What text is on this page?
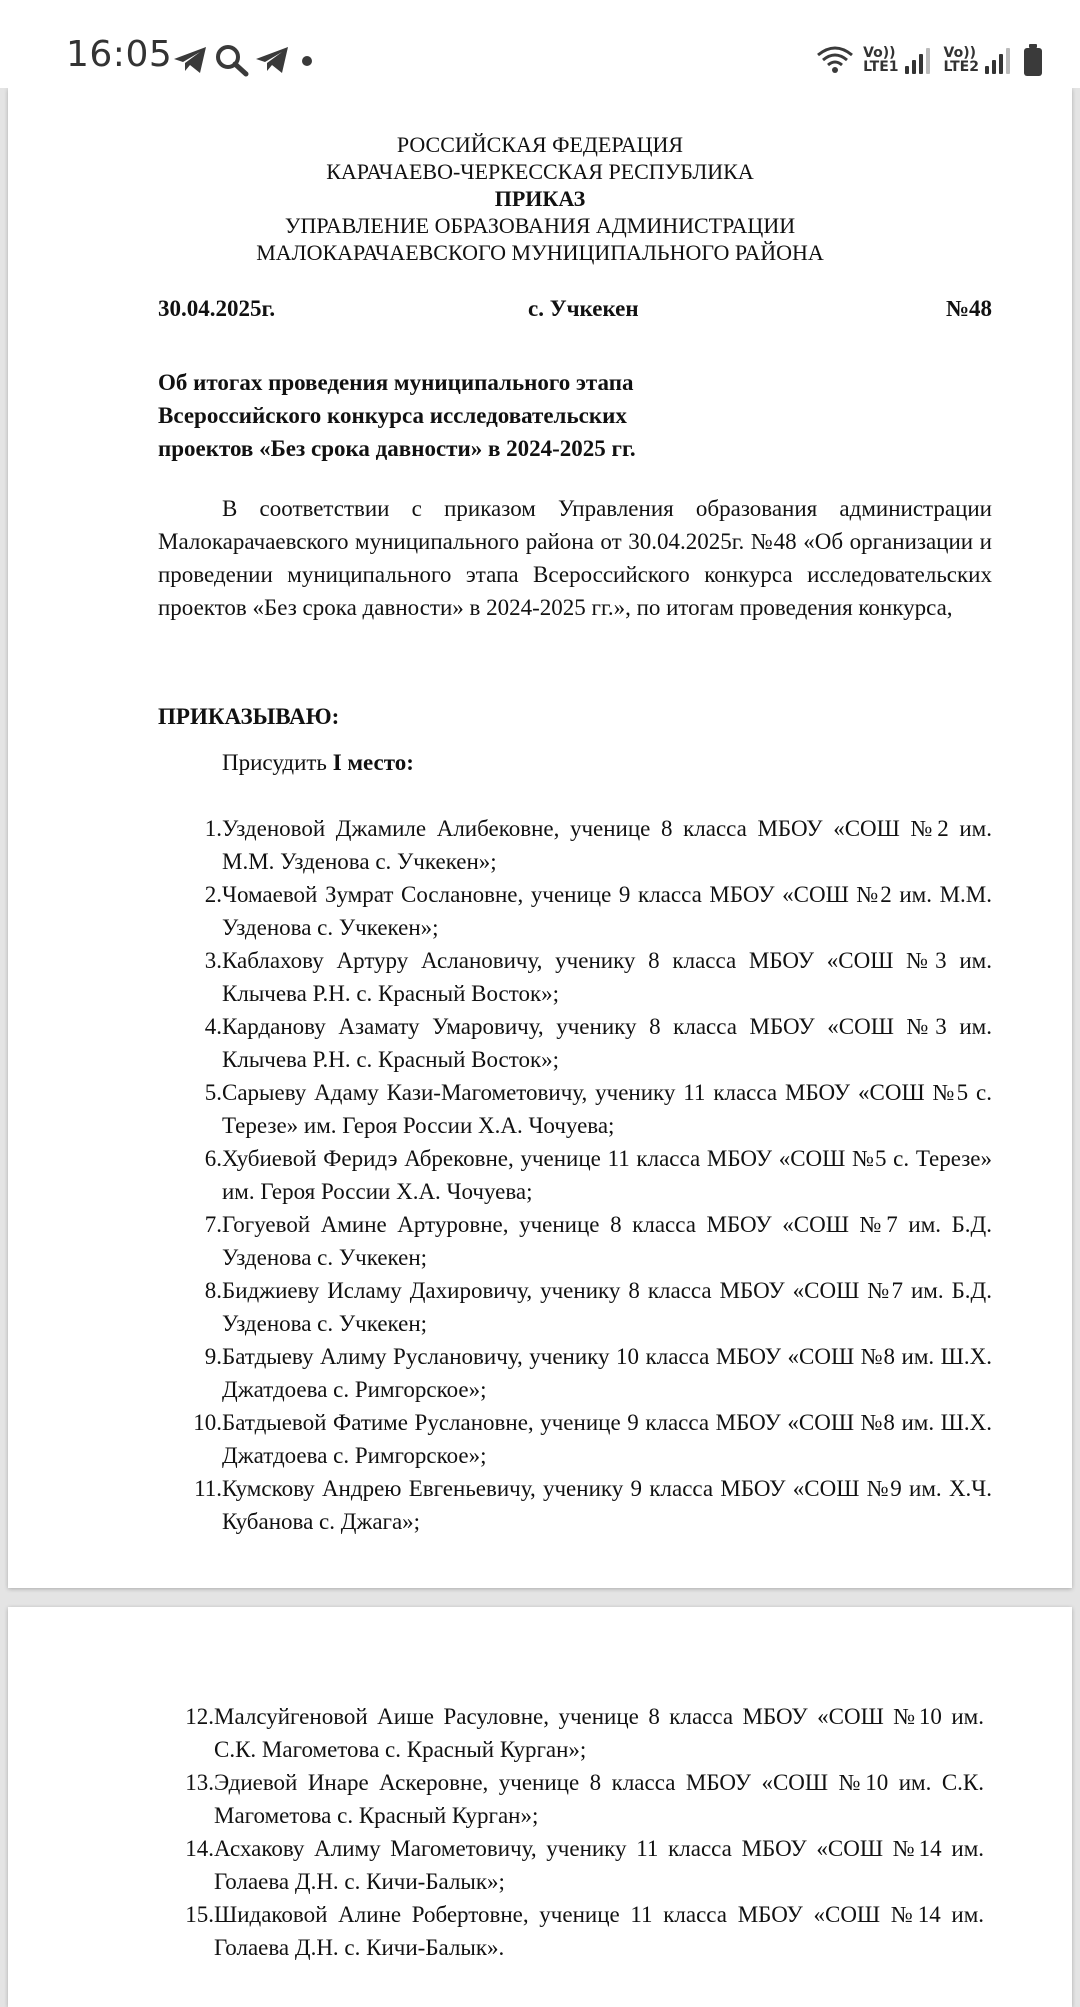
16:05	Vo))
LTE1
Vo))
LTE2
РОССИЙСКАЯ ФЕДЕРАЦИЯ
КАРАЧАЕВО-ЧЕРКЕССКАЯ РЕСПУБЛИКА
ПРИКАЗ
УПРАВЛЕНИЕ ОБРАЗОВАНИЯ АДМИНИСТРАЦИИ
МАЛОКАРАЧАЕВСКОГО МУНИЦИПАЛЬНОГО РАЙОНА
30.04.2025г.	с. Учкекен	№48
Об итогах проведения муниципального этапа Всероссийского конкурса исследовательских проектов «Без срока давности» в 2024-2025 гг.
В соответствии с приказом Управления образования администрации Малокарачаевского муниципального района от 30.04.2025г. №48 «Об организации и проведении муниципального этапа Всероссийского конкурса исследовательских проектов «Без срока давности» в 2024-2025 гг.», по итогам проведения конкурса,
ПРИКАЗЫВАЮ:
Присудить I место:
1. Узденовой Джамиле Алибековне, ученице 8 класса МБОУ «СОШ №2 им. М.М. Узденова с. Учкекен»;
2. Чомаевой Зумрат Сослановне, ученице 9 класса МБОУ «СОШ №2 им. М.М. Узденова с. Учкекен»;
3. Каблахову Артуру Аслановичу, ученику 8 класса МБОУ «СОШ №3 им. Клычева Р.Н. с. Красный Восток»;
4. Карданову Азамату Умаровичу, ученику 8 класса МБОУ «СОШ №3 им. Клычева Р.Н. с. Красный Восток»;
5. Сарыеву Адаму Кази-Магометовичу, ученику 11 класса МБОУ «СОШ №5 с. Терезе» им. Героя России Х.А. Чочуева;
6. Хубиевой Феридэ Абрековне, ученице 11 класса МБОУ «СОШ №5 с. Терезе» им. Героя России Х.А. Чочуева;
7. Гогуевой Амине Артуровне, ученице 8 класса МБОУ «СОШ №7 им. Б.Д. Узденова с. Учкекен;
8. Биджиеву Исламу Дахировичу, ученику 8 класса МБОУ «СОШ №7 им. Б.Д. Узденова с. Учкекен;
9. Батдыеву Алиму Руслановичу, ученику 10 класса МБОУ «СОШ №8 им. Ш.Х. Джатдоева с. Римгорское»;
10. Батдыевой Фатиме Руслановне, ученице 9 класса МБОУ «СОШ №8 им. Ш.Х. Джатдоева с. Римгорское»;
11. Кумскову Андрею Евгеньевичу, ученику 9 класса МБОУ «СОШ №9 им. Х.Ч. Кубанова с. Джага»;
12. Малсуйгеновой Аише Расуловне, ученице 8 класса МБОУ «СОШ №10 им. С.К. Магометова с. Красный Курган»;
13. Эдиевой Инаре Аскеровне, ученице 8 класса МБОУ «СОШ №10 им. С.К. Магометова с. Красный Курган»;
14. Асхакову Алиму Магометовичу, ученику 11 класса МБОУ «СОШ №14 им. Голаева Д.Н. с. Кичи-Балык»;
15. Шидаковой Алине Робертовне, ученице 11 класса МБОУ «СОШ №14 им. Голаева Д.Н. с. Кичи-Балык».
